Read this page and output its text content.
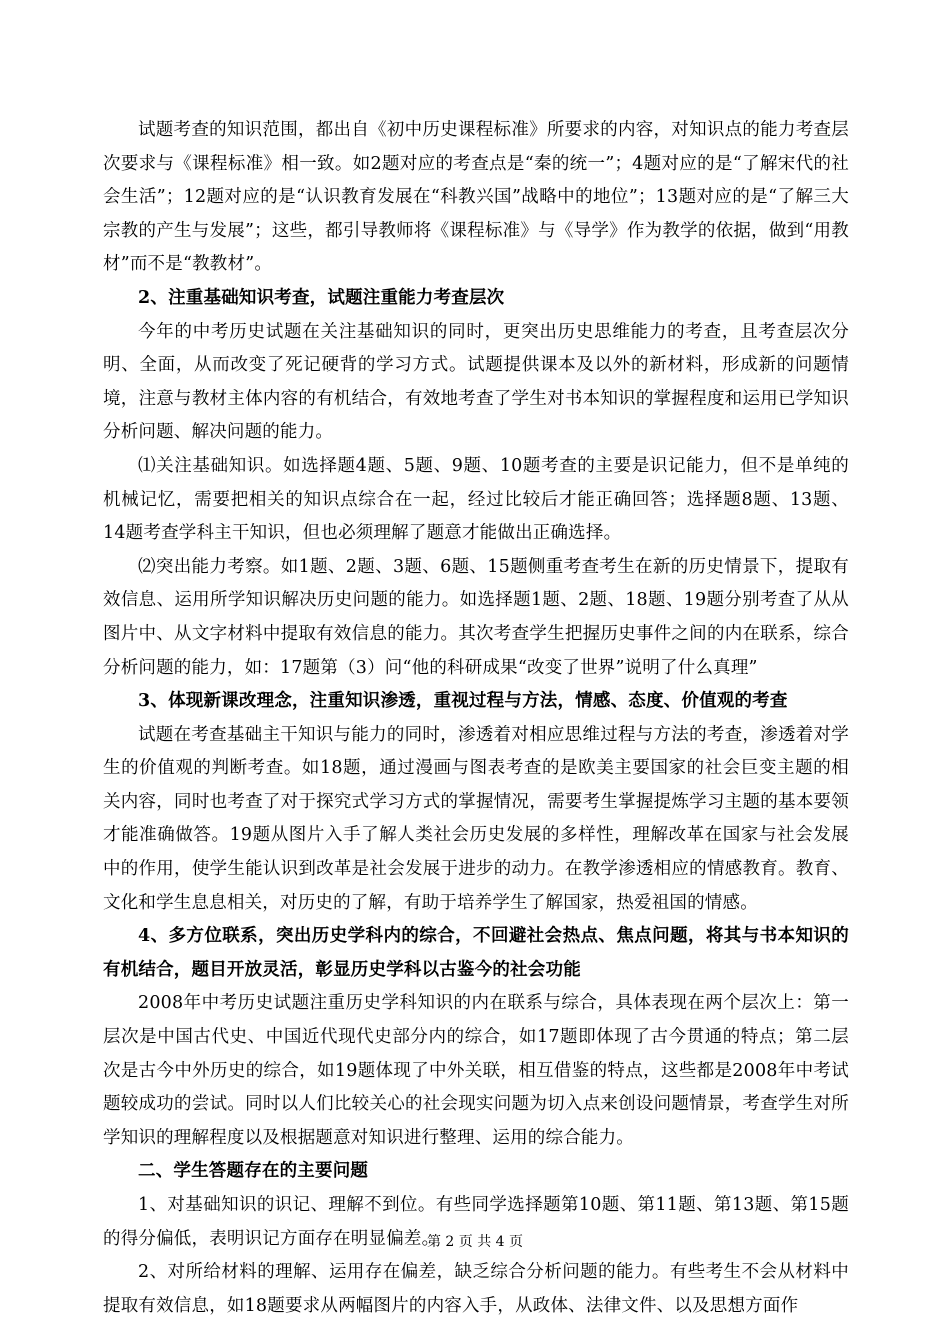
试题考查的知识范围，都出自《初中历史课程标准》所要求的内容，对知识点的能力考查层次要求与《课程标准》相一致。如2题对应的考查点是“秦的统一”；4题对应的是“了解宋代的社会生活”；12题对应的是“认识教育发展在“科教兴国”战略中的地位”；13题对应的是“了解三大宗教的产生与发展”；这些，都引导教师将《课程标准》与《导学》作为教学的依据，做到“用教材”而不是“教教材”。

2、注重基础知识考查，试题注重能力考查层次

今年的中考历史试题在关注基础知识的同时，更突出历史思维能力的考查，且考查层次分明、全面，从而改变了死记硬背的学习方式。试题提供课本及以外的新材料，形成新的问题情境，注意与教材主体内容的有机结合，有效地考查了学生对书本知识的掌握程度和运用已学知识分析问题、解决问题的能力。

⑴关注基础知识。如选择题4题、5题、9题、10题考查的主要是识记能力，但不是单纯的机械记忆，需要把相关的知识点综合在一起，经过比较后才能正确回答；选择题8题、13题、14题考查学科主干知识，但也必须理解了题意才能做出正确选择。

⑵突出能力考察。如1题、2题、3题、6题、15题侧重考查考生在新的历史情景下，提取有效信息、运用所学知识解决历史问题的能力。如选择题1题、2题、18题、19题分别考查了从从图片中、从文字材料中提取有效信息的能力。其次考查学生把握历史事件之间的内在联系，综合分析问题的能力，如：17题第（3）问“他的科研成果“改变了世界”说明了什么真理”

3、体现新课改理念，注重知识渗透，重视过程与方法，情感、态度、价值观的考查

试题在考查基础主干知识与能力的同时，渗透着对相应思维过程与方法的考查，渗透着对学生的价值观的判断考查。如18题，通过漫画与图表考查的是欧美主要国家的社会巨变主题的相关内容，同时也考查了对于探究式学习方式的掌握情况，需要考生掌握提炼学习主题的基本要领才能准确做答。19题从图片入手了解人类社会历史发展的多样性，理解改革在国家与社会发展中的作用，使学生能认识到改革是社会发展于进步的动力。在教学渗透相应的情感教育。教育、文化和学生息息相关，对历史的了解，有助于培养学生了解国家，热爱祖国的情感。

4、多方位联系，突出历史学科内的综合，不回避社会热点、焦点问题，将其与书本知识的有机结合，题目开放灵活，彰显历史学科以古鉴今的社会功能

2008年中考历史试题注重历史学科知识的内在联系与综合，具体表现在两个层次上：第一层次是中国古代史、中国近代现代史部分内的综合，如17题即体现了古今贯通的特点；第二层次是古今中外历史的综合，如19题体现了中外关联，相互借鉴的特点，这些都是2008年中考试题较成功的尝试。同时以人们比较关心的社会现实问题为切入点来创设问题情景，考查学生对所学知识的理解程度以及根据题意对知识进行整理、运用的综合能力。

二、学生答题存在的主要问题

1、对基础知识的识记、理解不到位。有些同学选择题第10题、第11题、第13题、第15题的得分偏低，表明识记方面存在明显偏差。

2、对所给材料的理解、运用存在偏差，缺乏综合分析问题的能力。有些考生不会从材料中提取有效信息，如18题要求从两幅图片的内容入手，从政体、法律文件、以及思想方面作

第 2 页 共 4 页
